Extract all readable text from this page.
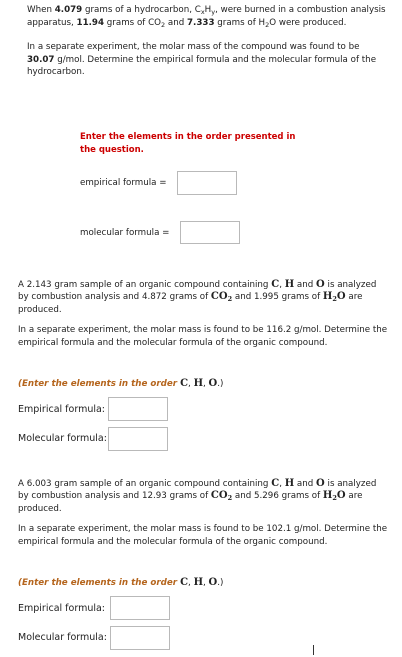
When 4.079 grams of a hydrocarbon, $C_xH_y$, were burned in a combustion analysis apparatus, 11.94 grams of $CO_2$ and 7.333 grams of $H_2O$ were produced.

In a separate experiment, the molar mass of the compound was found to be 30.07 g/mol. Determine the empirical formula and the molecular formula of the hydrocarbon.

Enter the elements in the order presented in the question.
empirical formula =
molecular formula =

A 2.143 gram sample of an organic compound containing C, H and O is analyzed by combustion analysis and 4.872 grams of $CO_2$ and 1.995 grams of $H_2O$ are produced.

In a separate experiment, the molar mass is found to be 116.2 g/mol. Determine the empirical formula and the molecular formula of the organic compound.

(Enter the elements in the order C, H, O.)
Empirical formula:
Molecular formula:

A 6.003 gram sample of an organic compound containing C, H and O is analyzed by combustion analysis and 12.93 grams of $CO_2$ and 5.296 grams of $H_2O$ are produced.

In a separate experiment, the molar mass is found to be 102.1 g/mol. Determine the empirical formula and the molecular formula of the organic compound.

(Enter the elements in the order C, H, O.)
Empirical formula:
Molecular formula:
